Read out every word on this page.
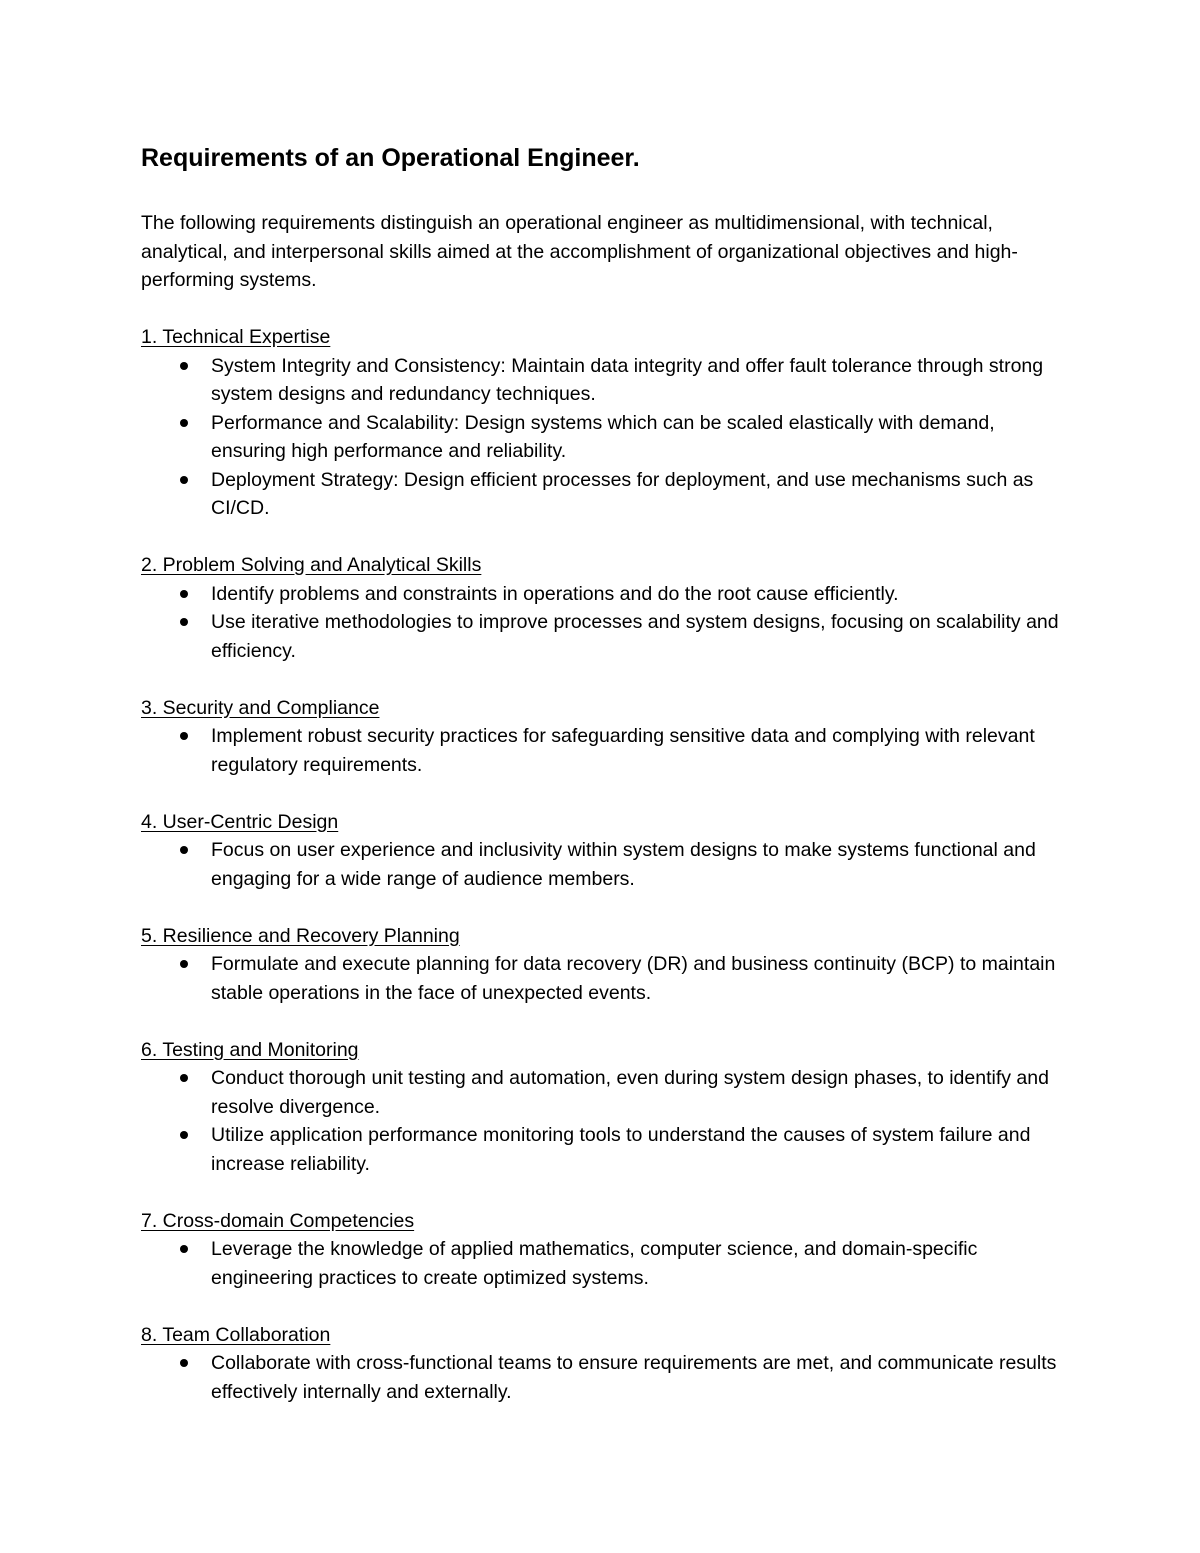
Requirements of an Operational Engineer.

The following requirements distinguish an operational engineer as multidimensional, with technical, analytical, and interpersonal skills aimed at the accomplishment of organizational objectives and high-performing systems.

1. Technical Expertise
System Integrity and Consistency: Maintain data integrity and offer fault tolerance through strong system designs and redundancy techniques.
Performance and Scalability: Design systems which can be scaled elastically with demand, ensuring high performance and reliability.
Deployment Strategy: Design efficient processes for deployment, and use mechanisms such as CI/CD.
2. Problem Solving and Analytical Skills
Identify problems and constraints in operations and do the root cause efficiently.
Use iterative methodologies to improve processes and system designs, focusing on scalability and efficiency.
3. Security and Compliance
Implement robust security practices for safeguarding sensitive data and complying with relevant regulatory requirements.
4. User-Centric Design
Focus on user experience and inclusivity within system designs to make systems functional and engaging for a wide range of audience members.
5. Resilience and Recovery Planning
Formulate and execute planning for data recovery (DR) and business continuity (BCP) to maintain stable operations in the face of unexpected events.
6. Testing and Monitoring
Conduct thorough unit testing and automation, even during system design phases, to identify and resolve divergence.
Utilize application performance monitoring tools to understand the causes of system failure and increase reliability.
7. Cross-domain Competencies
Leverage the knowledge of applied mathematics, computer science, and domain-specific engineering practices to create optimized systems.
8. Team Collaboration
Collaborate with cross-functional teams to ensure requirements are met, and communicate results effectively internally and externally.
